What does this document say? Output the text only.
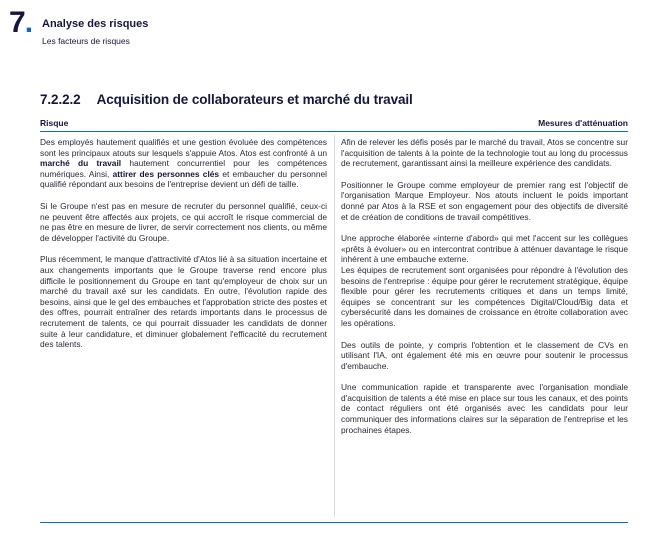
7. Analyse des risques
Les facteurs de risques
7.2.2.2 Acquisition de collaborateurs et marché du travail
Risque	Mesures d'atténuation

Des employés hautement qualifiés et une gestion évoluée des compétences sont les principaux atouts sur lesquels s'appuie Atos. Atos est confronté à un marché du travail hautement concurrentiel pour les compétences numériques. Ainsi, attirer des personnes clés et embaucher du personnel qualifié répondant aux besoins de l'entreprise devient un défi de taille.

Si le Groupe n'est pas en mesure de recruter du personnel qualifié, ceux-ci ne peuvent être affectés aux projets, ce qui accroît le risque commercial de ne pas être en mesure de livrer, de servir correctement nos clients, ou même de développer l'activité du Groupe.

Plus récemment, le manque d'attractivité d'Atos lié à sa situation incertaine et aux changements importants que le Groupe traverse rend encore plus difficile le positionnement du Groupe en tant qu'employeur de choix sur un marché du travail axé sur les candidats. En outre, l'évolution rapide des besoins, ainsi que le gel des embauches et l'approbation stricte des postes et des offres, pourrait entraîner des retards importants dans le processus de recrutement de talents, ce qui pourrait dissuader les candidats de donner suite à leur candidature, et diminuer globalement l'efficacité du recrutement des talents.

Afin de relever les défis posés par le marché du travail, Atos se concentre sur l'acquisition de talents à la pointe de la technologie tout au long du processus de recrutement, garantissant ainsi la meilleure expérience des candidats.

Positionner le Groupe comme employeur de premier rang est l'objectif de l'organisation Marque Employeur. Nos atouts incluent le poids important donné par Atos à la RSE et son engagement pour des objectifs de diversité et de création de conditions de travail compétitives.

Une approche élaborée «interne d'abord» qui met l'accent sur les collègues «prêts à évoluer» ou en intercontrat contribue à atténuer davantage le risque inhérent à une embauche externe.

Les équipes de recrutement sont organisées pour répondre à l'évolution des besoins de l'entreprise : équipe pour gérer le recrutement stratégique, équipe flexible pour gérer les recrutements critiques et dans un temps limité, équipes se concentrant sur les compétences Digital/Cloud/Big data et cybersécurité dans les domaines de croissance en étroite collaboration avec les opérations.

Des outils de pointe, y compris l'obtention et le classement de CVs en utilisant l'IA, ont également été mis en œuvre pour soutenir le processus d'embauche.

Une communication rapide et transparente avec l'organisation mondiale d'acquisition de talents a été mise en place sur tous les canaux, et des points de contact réguliers ont été organisés avec les candidats pour leur communiquer des informations claires sur la séparation de l'entreprise et les prochaines étapes.
